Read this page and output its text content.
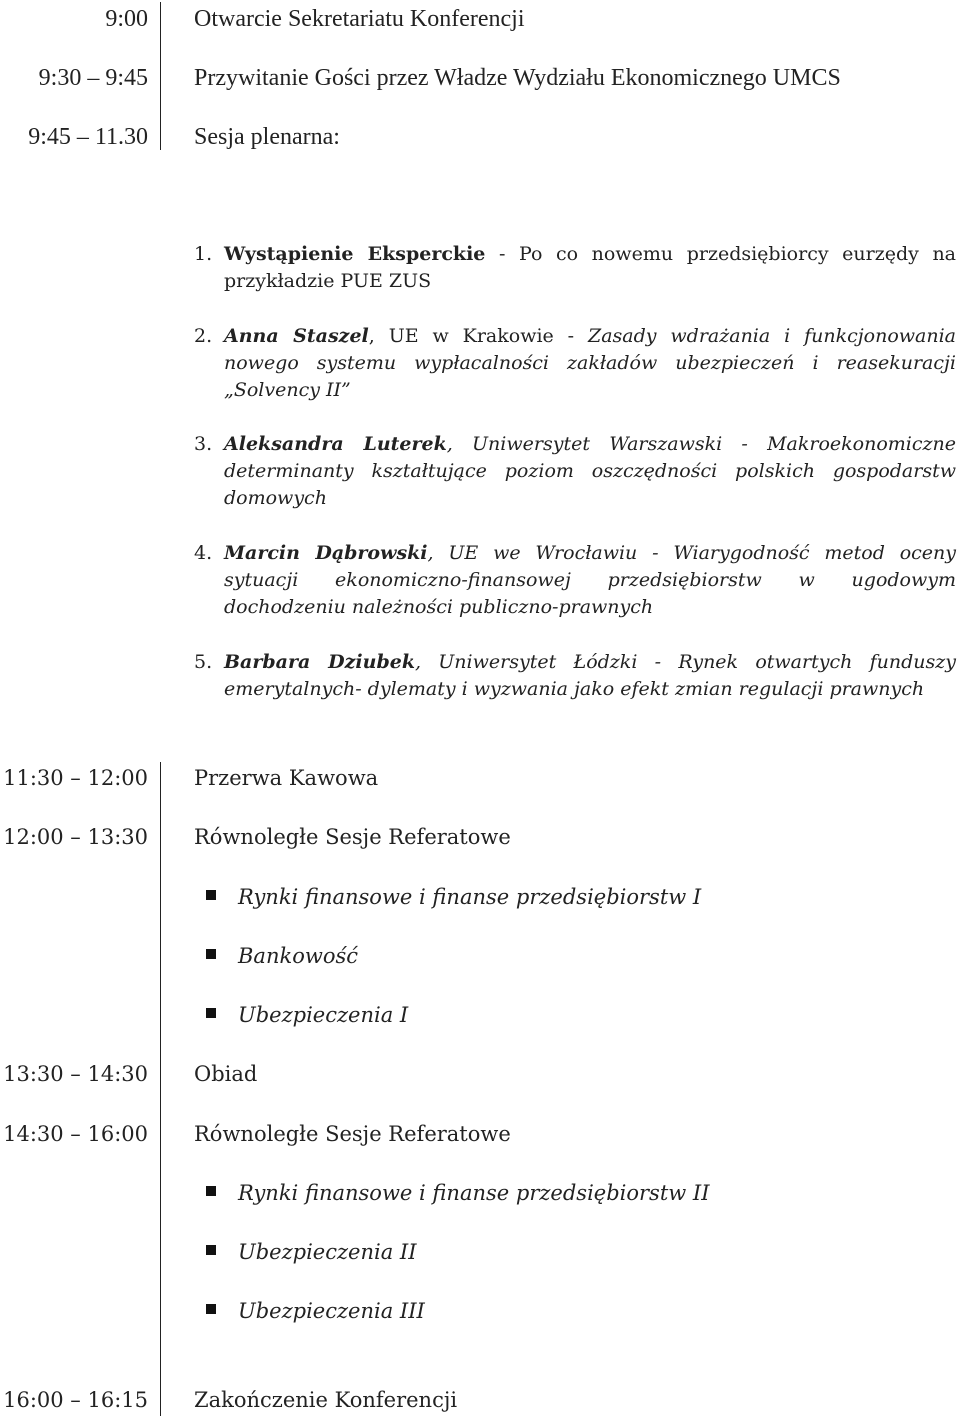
9:00 Otwarcie Sekretariatu Konferencji
9:30 – 9:45 Przywitanie Gości przez Władze Wydziału Ekonomicznego UMCS
9:45 – 11.30 Sesja plenarna:
1. Wystąpienie Eksperckie - Po co nowemu przedsiębiorcy eurzędy na
przykładzie PUE ZUS
2. Anna Staszel, UE w Krakowie - Zasady wdrażania i funkcjonowania
nowego systemu wypłacalności zakładów ubezpieczeń i reasekuracji
„Solvency II”
3. Aleksandra Luterek, Uniwersytet Warszawski - Makroekonomiczne
determinanty kształtujące poziom oszczędności polskich gospodarstw
domowych
4. Marcin Dąbrowski, UE we Wrocławiu - Wiarygodność metod oceny
sytuacji ekonomiczno-finansowej przedsiębiorstw w ugodowym
dochodzeniu należności publiczno-prawnych
5. Barbara Dziubek, Uniwersytet Łódzki - Rynek otwartych funduszy
emerytalnych- dylematy i wyzwania jako efekt zmian regulacji prawnych
11:30 – 12:00 Przerwa Kawowa
12:00 – 13:30 Równoległe Sesje Referatowe
Rynki finansowe i finanse przedsiębiorstw I
Bankowość
Ubezpieczenia I
13:30 – 14:30 Obiad
14:30 – 16:00 Równoległe Sesje Referatowe
Rynki finansowe i finanse przedsiębiorstw II
Ubezpieczenia II
Ubezpieczenia III
16:00 – 16:15 Zakończenie Konferencji
